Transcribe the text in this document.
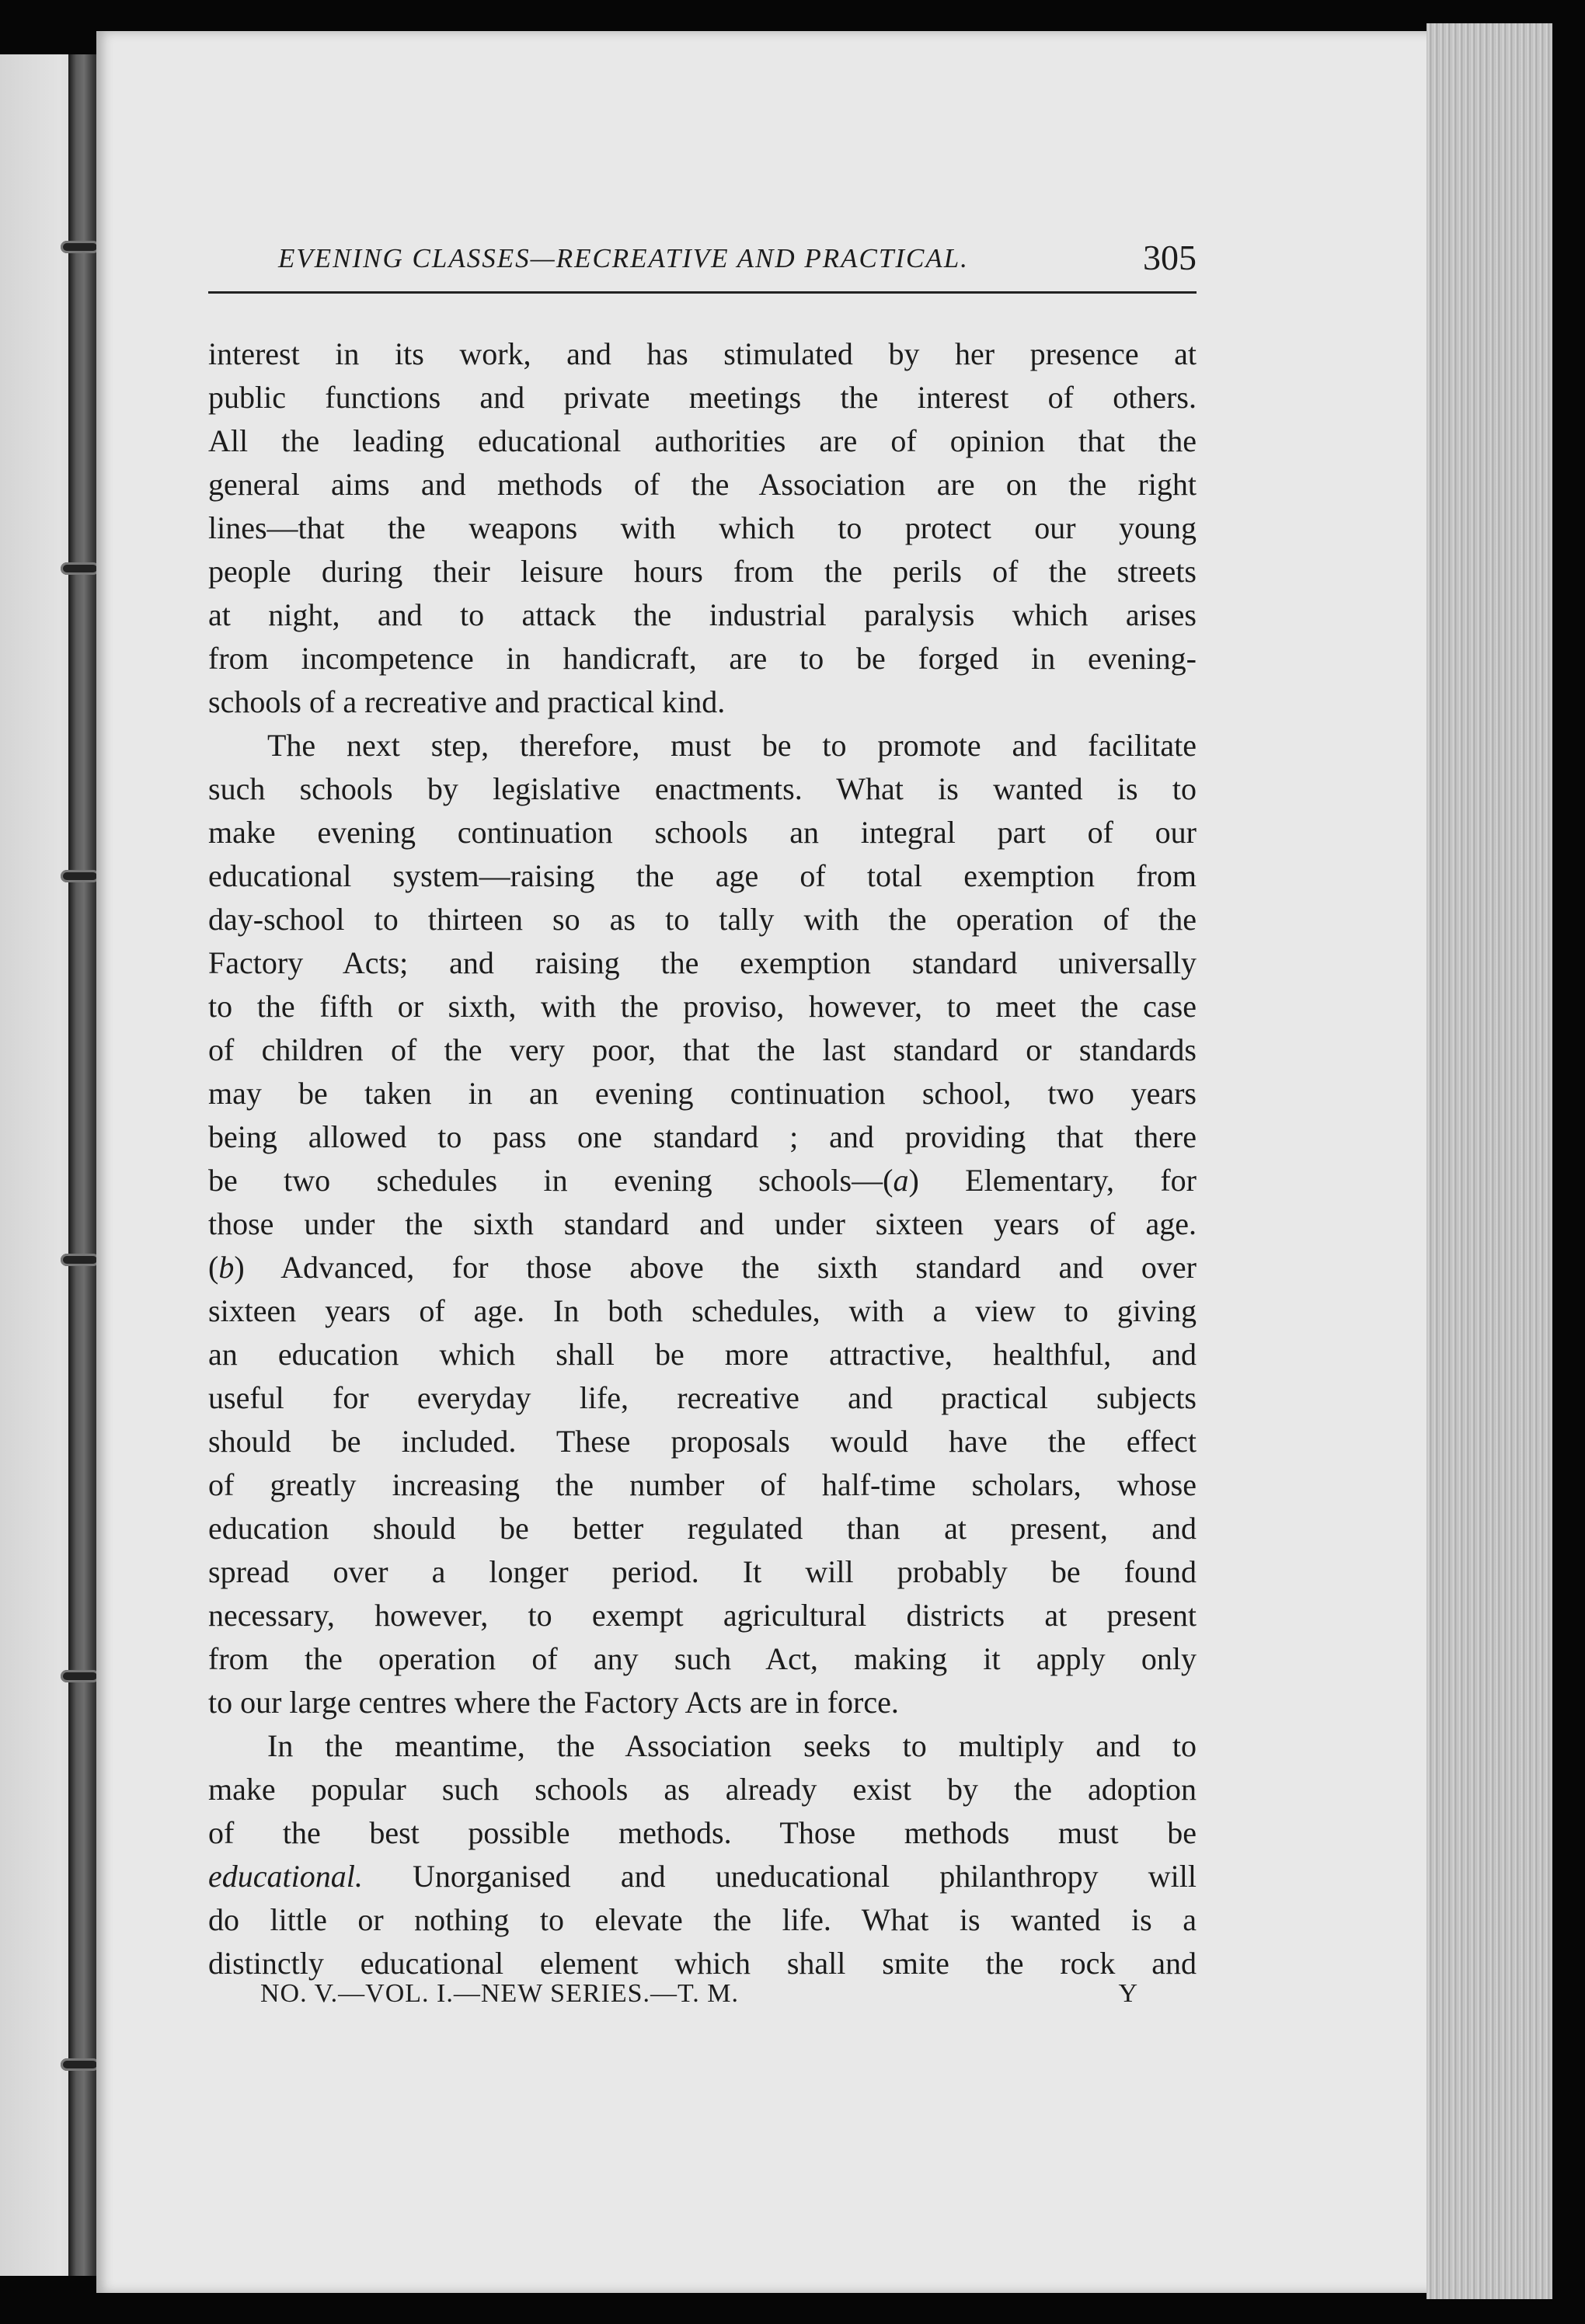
EVENING CLASSES—RECREATIVE AND PRACTICAL.	305
interest in its work, and has stimulated by her presence at
public functions and private meetings the interest of others.
All the leading educational authorities are of opinion that the
general aims and methods of the Association are on the right
lines—that the weapons with which to protect our young
people during their leisure hours from the perils of the streets
at night, and to attack the industrial paralysis which arises
from incompetence in handicraft, are to be forged in evening-
schools of a recreative and practical kind.
The next step, therefore, must be to promote and facilitate
such schools by legislative enactments. What is wanted is to
make evening continuation schools an integral part of our
educational system—raising the age of total exemption from
day-school to thirteen so as to tally with the operation of the
Factory Acts; and raising the exemption standard universally
to the fifth or sixth, with the proviso, however, to meet the case
of children of the very poor, that the last standard or standards
may be taken in an evening continuation school, two years
being allowed to pass one standard ; and providing that there
be two schedules in evening schools—(a) Elementary, for
those under the sixth standard and under sixteen years of age.
(b) Advanced, for those above the sixth standard and over
sixteen years of age. In both schedules, with a view to giving
an education which shall be more attractive, healthful, and
useful for everyday life, recreative and practical subjects
should be included. These proposals would have the effect
of greatly increasing the number of half-time scholars, whose
education should be better regulated than at present, and
spread over a longer period. It will probably be found
necessary, however, to exempt agricultural districts at present
from the operation of any such Act, making it apply only
to our large centres where the Factory Acts are in force.
In the meantime, the Association seeks to multiply and to
make popular such schools as already exist by the adoption
of the best possible methods. Those methods must be
educational. Unorganised and uneducational philanthropy will
do little or nothing to elevate the life. What is wanted is a
distinctly educational element which shall smite the rock and
NO. V.—VOL. I.—NEW SERIES.—T. M.	Y
